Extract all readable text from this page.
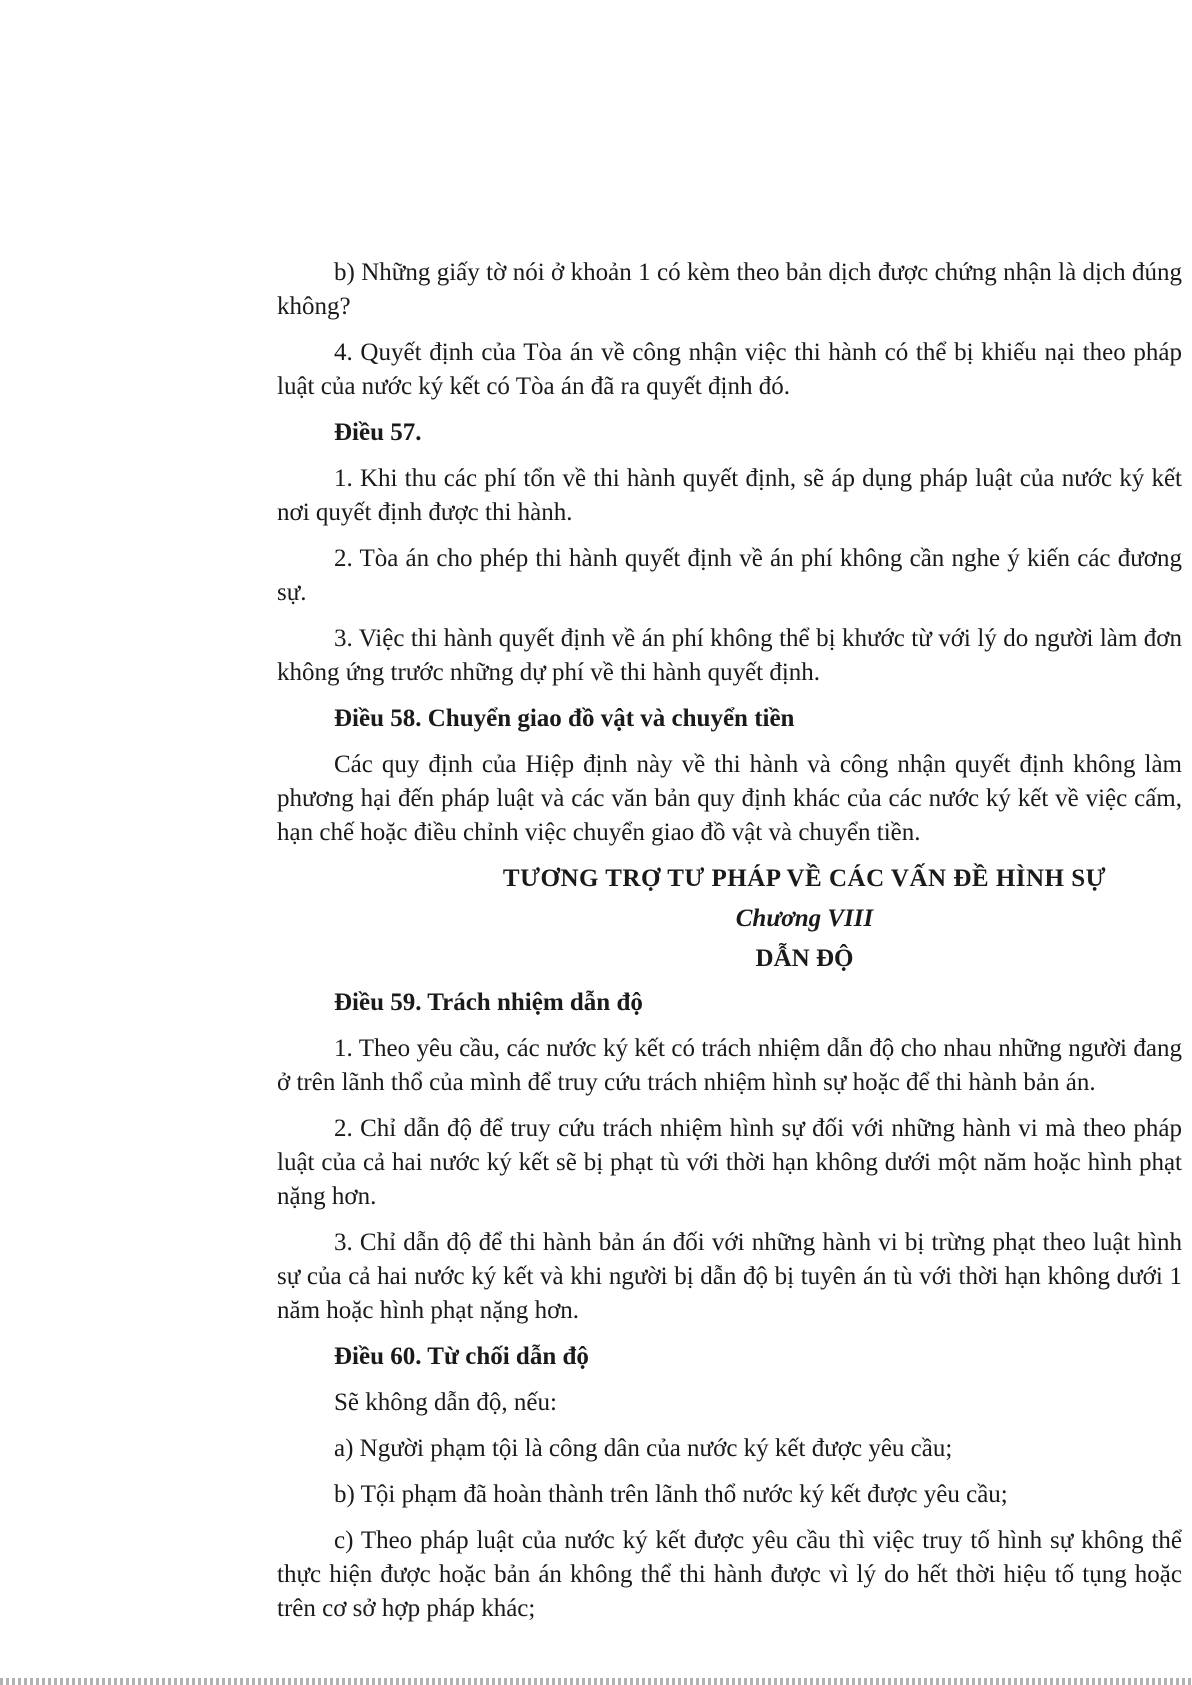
b) Những giấy tờ nói ở khoản 1 có kèm theo bản dịch được chứng nhận là dịch đúng không?

4. Quyết định của Tòa án về công nhận việc thi hành có thể bị khiếu nại theo pháp luật của nước ký kết có Tòa án đã ra quyết định đó.

Điều 57.

1. Khi thu các phí tổn về thi hành quyết định, sẽ áp dụng pháp luật của nước ký kết nơi quyết định được thi hành.

2. Tòa án cho phép thi hành quyết định về án phí không cần nghe ý kiến các đương sự.

3. Việc thi hành quyết định về án phí không thể bị khước từ với lý do người làm đơn không ứng trước những dự phí về thi hành quyết định.

Điều 58. Chuyển giao đồ vật và chuyển tiền

Các quy định của Hiệp định này về thi hành và công nhận quyết định không làm phương hại đến pháp luật và các văn bản quy định khác của các nước ký kết về việc cấm, hạn chế hoặc điều chỉnh việc chuyển giao đồ vật và chuyển tiền.

TƯƠNG TRỢ TƯ PHÁP VỀ CÁC VẤN ĐỀ HÌNH SỰ

Chương VIII

DẪN ĐỘ

Điều 59. Trách nhiệm dẫn độ

1. Theo yêu cầu, các nước ký kết có trách nhiệm dẫn độ cho nhau những người đang ở trên lãnh thổ của mình để truy cứu trách nhiệm hình sự hoặc để thi hành bản án.

2. Chỉ dẫn độ để truy cứu trách nhiệm hình sự đối với những hành vi mà theo pháp luật của cả hai nước ký kết sẽ bị phạt tù với thời hạn không dưới một năm hoặc hình phạt nặng hơn.

3. Chỉ dẫn độ để thi hành bản án đối với những hành vi bị trừng phạt theo luật hình sự của cả hai nước ký kết và khi người bị dẫn độ bị tuyên án tù với thời hạn không dưới 1 năm hoặc hình phạt nặng hơn.

Điều 60. Từ chối dẫn độ

Sẽ không dẫn độ, nếu:

a) Người phạm tội là công dân của nước ký kết được yêu cầu;

b) Tội phạm đã hoàn thành trên lãnh thổ nước ký kết được yêu cầu;

c) Theo pháp luật của nước ký kết được yêu cầu thì việc truy tố hình sự không thể thực hiện được hoặc bản án không thể thi hành được vì lý do hết thời hiệu tố tụng hoặc trên cơ sở hợp pháp khác;
